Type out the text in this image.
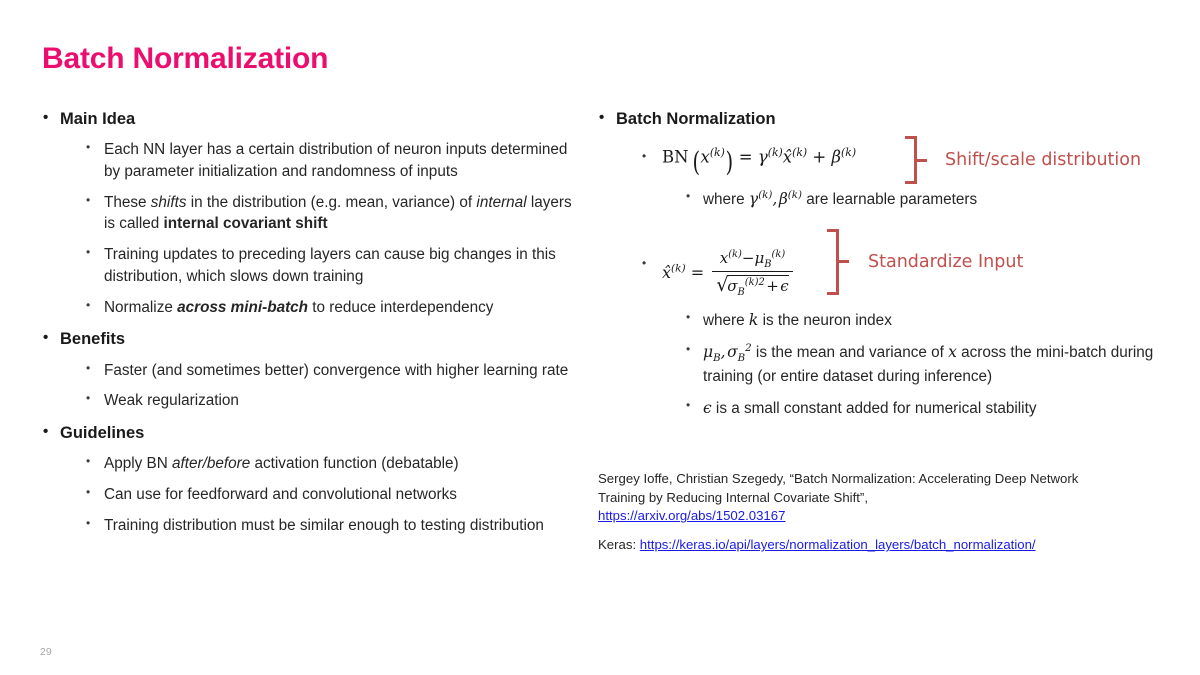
Batch Normalization
• Main Idea
• Each NN layer has a certain distribution of neuron inputs determined by parameter initialization and randomness of inputs
• These shifts in the distribution (e.g. mean, variance) of internal layers is called internal covariant shift
• Training updates to preceding layers can cause big changes in this distribution, which slows down training
• Normalize across mini-batch to reduce interdependency
• Benefits
• Faster (and sometimes better) convergence with higher learning rate
• Weak regularization
• Guidelines
• Apply BN after/before activation function (debatable)
• Can use for feedforward and convolutional networks
• Training distribution must be similar enough to testing distribution
• Batch Normalization
• BN  $(x^{(k)})$ = $\gamma^{(k)}x̂^{(k)} + \beta^{(k)}$	Shift/scale distribution
• where $\gamma^{(k)}$, $\beta^{(k)}$ are learnable parameters
• x̂$^{(k)}$ = $x^{(k)}-\mu_B^{(k)}$
√ $\sigma_B^{(k)2}$ + ϵ	Standardize Input
• where k is the neuron index
• $\mu_B$, $\sigma_B^2$ is the mean and variance of x across the mini-batch during training (or entire dataset during inference)
• ϵ is a small constant added for numerical stability
Sergey Ioffe, Christian Szegedy, “Batch Normalization: Accelerating Deep Network Training by Reducing Internal Covariate Shift”,
https://arxiv.org/abs/1502.03167
Keras: https://keras.io/api/layers/normalization_layers/batch_normalization/
29
